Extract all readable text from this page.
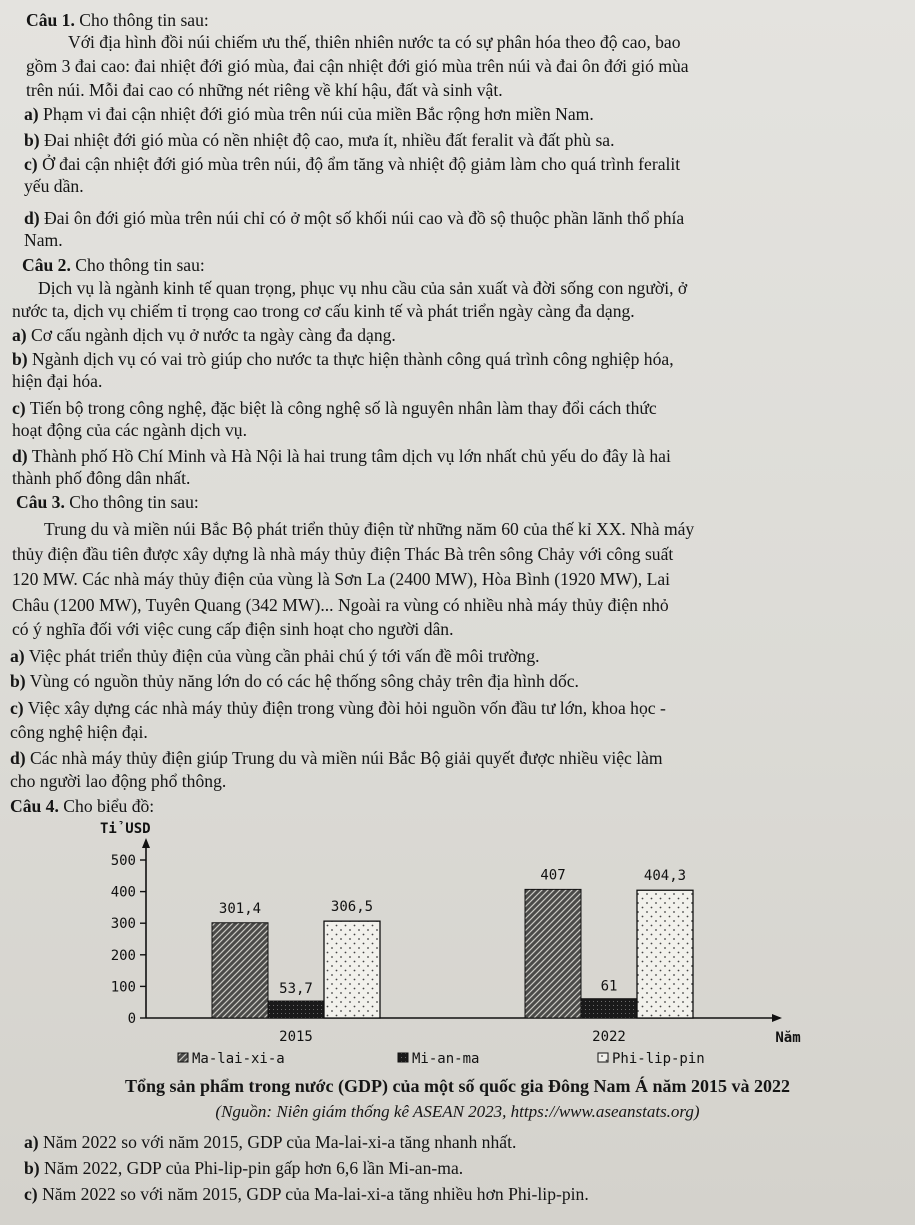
Câu 1. Cho thông tin sau:
Với địa hình đồi núi chiếm ưu thế, thiên nhiên nước ta có sự phân hóa theo độ cao, bao
gồm 3 đai cao: đai nhiệt đới gió mùa, đai cận nhiệt đới gió mùa trên núi và đai ôn đới gió mùa
trên núi. Mỗi đai cao có những nét riêng về khí hậu, đất và sinh vật.
a) Phạm vi đai cận nhiệt đới gió mùa trên núi của miền Bắc rộng hơn miền Nam.
b) Đai nhiệt đới gió mùa có nền nhiệt độ cao, mưa ít, nhiều đất feralit và đất phù sa.
c) Ở đai cận nhiệt đới gió mùa trên núi, độ ẩm tăng và nhiệt độ giảm làm cho quá trình feralit
yếu dần.
d) Đai ôn đới gió mùa trên núi chỉ có ở một số khối núi cao và đồ sộ thuộc phần lãnh thổ phía
Nam.
Câu 2. Cho thông tin sau:
Dịch vụ là ngành kinh tế quan trọng, phục vụ nhu cầu của sản xuất và đời sống con người, ở
nước ta, dịch vụ chiếm tỉ trọng cao trong cơ cấu kinh tế và phát triển ngày càng đa dạng.
a) Cơ cấu ngành dịch vụ ở nước ta ngày càng đa dạng.
b) Ngành dịch vụ có vai trò giúp cho nước ta thực hiện thành công quá trình công nghiệp hóa,
hiện đại hóa.
c) Tiến bộ trong công nghệ, đặc biệt là công nghệ số là nguyên nhân làm thay đổi cách thức
hoạt động của các ngành dịch vụ.
d) Thành phố Hồ Chí Minh và Hà Nội là hai trung tâm dịch vụ lớn nhất chủ yếu do đây là hai
thành phố đông dân nhất.
Câu 3. Cho thông tin sau:
Trung du và miền núi Bắc Bộ phát triển thủy điện từ những năm 60 của thế kỉ XX. Nhà máy
thủy điện đầu tiên được xây dựng là nhà máy thủy điện Thác Bà trên sông Chảy với công suất
120 MW. Các nhà máy thủy điện của vùng là Sơn La (2400 MW), Hòa Bình (1920 MW), Lai
Châu (1200 MW), Tuyên Quang (342 MW)... Ngoài ra vùng có nhiều nhà máy thủy điện nhỏ
có ý nghĩa đối với việc cung cấp điện sinh hoạt cho người dân.
a) Việc phát triển thủy điện của vùng cần phải chú ý tới vấn đề môi trường.
b) Vùng có nguồn thủy năng lớn do có các hệ thống sông chảy trên địa hình dốc.
c) Việc xây dựng các nhà máy thủy điện trong vùng đòi hỏi nguồn vốn đầu tư lớn, khoa học -
công nghệ hiện đại.
d) Các nhà máy thủy điện giúp Trung du và miền núi Bắc Bộ giải quyết được nhiều việc làm
cho người lao động phổ thông.
Câu 4. Cho biểu đồ:
Tỉ USD
0
100
200
300
400
500
Năm
301,4
53,7
306,5
2015
407
61
404,3
2022
Ma-lai-xi-a	Mi-an-ma	Phi-lip-pin
Tổng sản phẩm trong nước (GDP) của một số quốc gia Đông Nam Á năm 2015 và 2022
(Nguồn: Niên giám thống kê ASEAN 2023, https://www.aseanstats.org)
a) Năm 2022 so với năm 2015, GDP của Ma-lai-xi-a tăng nhanh nhất.
b) Năm 2022, GDP của Phi-lip-pin gấp hơn 6,6 lần Mi-an-ma.
c) Năm 2022 so với năm 2015, GDP của Ma-lai-xi-a tăng nhiều hơn Phi-lip-pin.
